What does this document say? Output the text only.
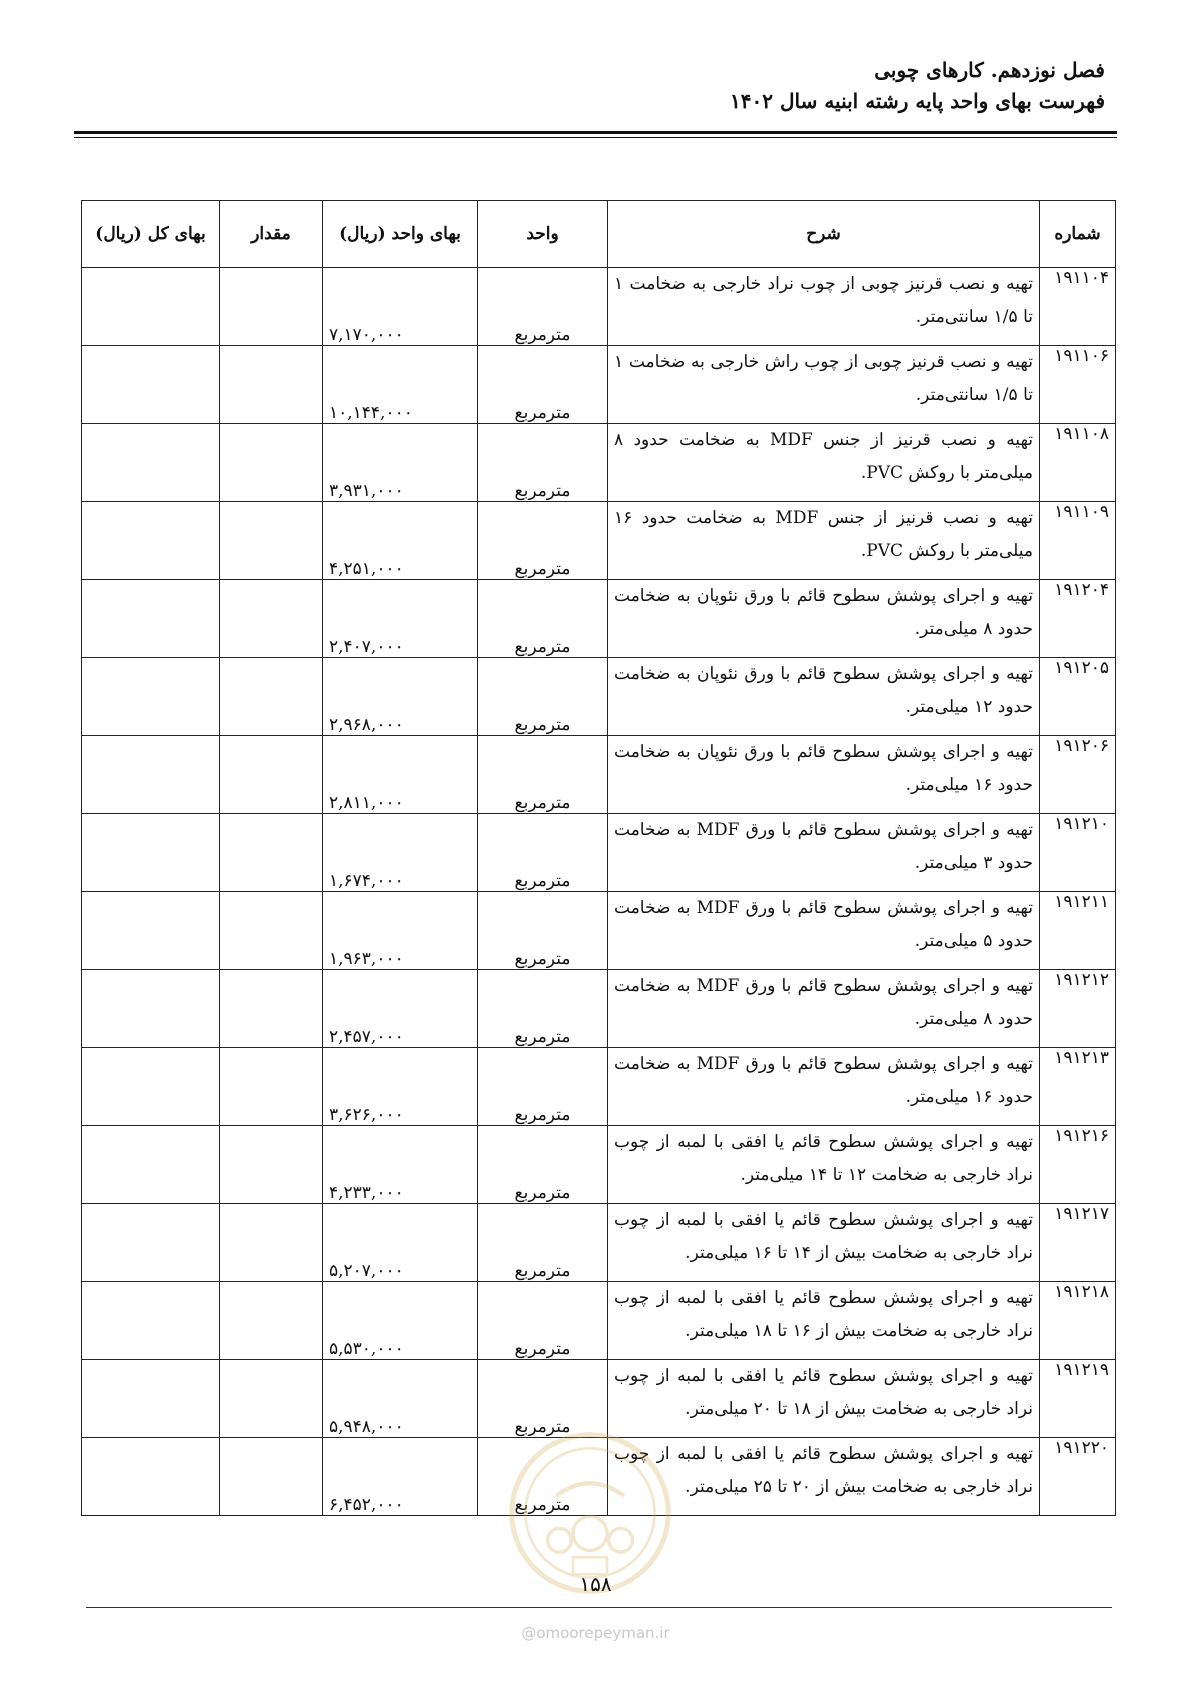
فصل نوزدهم. کارهای چوبی
فهرست بهای واحد پایه رشته ابنیه سال ۱۴۰۲
شماره	شرح	واحد	بهای واحد (ریال)	مقدار	بهای کل (ریال)
۱۹۱۱۰۴	تهیه و نصب قرنیز چوبی از چوب نراد خارجی به ضخامت ۱ تا ۱/۵ سانتی‌متر.	مترمربع	۷,۱۷۰,۰۰۰		
۱۹۱۱۰۶	تهیه و نصب قرنیز چوبی از چوب راش خارجی به ضخامت ۱ تا ۱/۵ سانتی‌متر.	مترمربع	۱۰,۱۴۴,۰۰۰		
۱۹۱۱۰۸	تهیه و نصب قرنیز از جنس MDF به ضخامت حدود ۸ میلی‌متر با روکش PVC.	مترمربع	۳,۹۳۱,۰۰۰		
۱۹۱۱۰۹	تهیه و نصب قرنیز از جنس MDF به ضخامت حدود ۱۶ میلی‌متر با روکش PVC.	مترمربع	۴,۲۵۱,۰۰۰		
۱۹۱۲۰۴	تهیه و اجرای پوشش سطوح قائم با ورق نئوپان به ضخامت حدود ۸ میلی‌متر.	مترمربع	۲,۴۰۷,۰۰۰		
۱۹۱۲۰۵	تهیه و اجرای پوشش سطوح قائم با ورق نئوپان به ضخامت حدود ۱۲ میلی‌متر.	مترمربع	۲,۹۶۸,۰۰۰		
۱۹۱۲۰۶	تهیه و اجرای پوشش سطوح قائم با ورق نئوپان به ضخامت حدود ۱۶ میلی‌متر.	مترمربع	۲,۸۱۱,۰۰۰		
۱۹۱۲۱۰	تهیه و اجرای پوشش سطوح قائم با ورق MDF به ضخامت حدود ۳ میلی‌متر.	مترمربع	۱,۶۷۴,۰۰۰		
۱۹۱۲۱۱	تهیه و اجرای پوشش سطوح قائم با ورق MDF به ضخامت حدود ۵ میلی‌متر.	مترمربع	۱,۹۶۳,۰۰۰		
۱۹۱۲۱۲	تهیه و اجرای پوشش سطوح قائم با ورق MDF به ضخامت حدود ۸ میلی‌متر.	مترمربع	۲,۴۵۷,۰۰۰		
۱۹۱۲۱۳	تهیه و اجرای پوشش سطوح قائم با ورق MDF به ضخامت حدود ۱۶ میلی‌متر.	مترمربع	۳,۶۲۶,۰۰۰		
۱۹۱۲۱۶	تهیه و اجرای پوشش سطوح قائم یا افقی با لمبه از چوب نراد خارجی به ضخامت ۱۲ تا ۱۴ میلی‌متر.	مترمربع	۴,۲۳۳,۰۰۰		
۱۹۱۲۱۷	تهیه و اجرای پوشش سطوح قائم یا افقی با لمبه از چوب نراد خارجی به ضخامت بیش از ۱۴ تا ۱۶ میلی‌متر.	مترمربع	۵,۲۰۷,۰۰۰		
۱۹۱۲۱۸	تهیه و اجرای پوشش سطوح قائم یا افقی با لمبه از چوب نراد خارجی به ضخامت بیش از ۱۶ تا ۱۸ میلی‌متر.	مترمربع	۵,۵۳۰,۰۰۰		
۱۹۱۲۱۹	تهیه و اجرای پوشش سطوح قائم یا افقی با لمبه از چوب نراد خارجی به ضخامت بیش از ۱۸ تا ۲۰ میلی‌متر.	مترمربع	۵,۹۴۸,۰۰۰		
۱۹۱۲۲۰	تهیه و اجرای پوشش سطوح قائم یا افقی با لمبه از چوب نراد خارجی به ضخامت بیش از ۲۰ تا ۲۵ میلی‌متر.	مترمربع	۶,۴۵۲,۰۰۰		
۱۵۸
@omoorepeyman.ir
